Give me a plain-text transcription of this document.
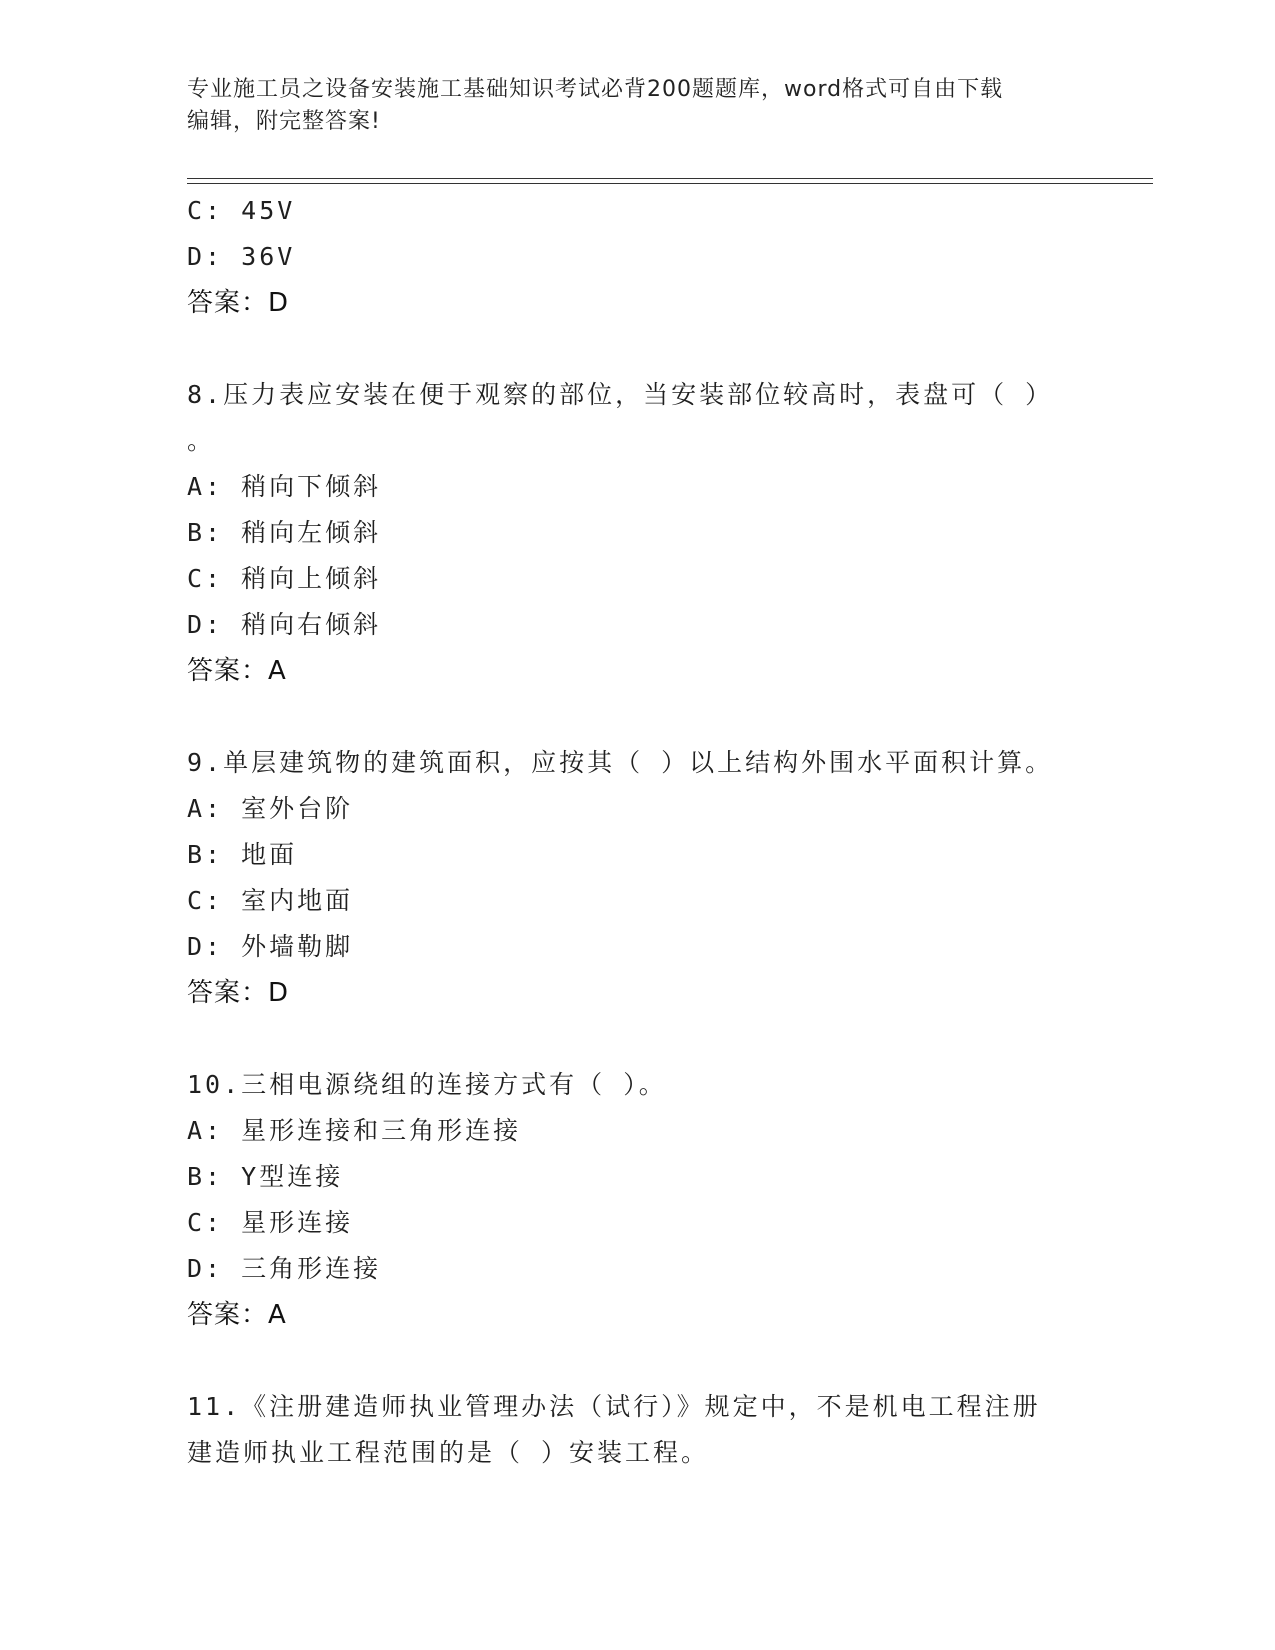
专业施工员之设备安装施工基础知识考试必背200题题库，word格式可自由下载
编辑，附完整答案!
C: 45V
D: 36V
答案：D
8.压力表应安装在便于观察的部位，当安装部位较高时，表盘可（ ）
。
A: 稍向下倾斜
B: 稍向左倾斜
C: 稍向上倾斜
D: 稍向右倾斜
答案：A
9.单层建筑物的建筑面积，应按其（ ）以上结构外围水平面积计算。
A: 室外台阶
B: 地面
C: 室内地面
D: 外墙勒脚
答案：D
10.三相电源绕组的连接方式有（ ）。
A: 星形连接和三角形连接
B: Y型连接
C: 星形连接
D: 三角形连接
答案：A
11.《注册建造师执业管理办法（试行）》规定中，不是机电工程注册
建造师执业工程范围的是（ ）安装工程。
